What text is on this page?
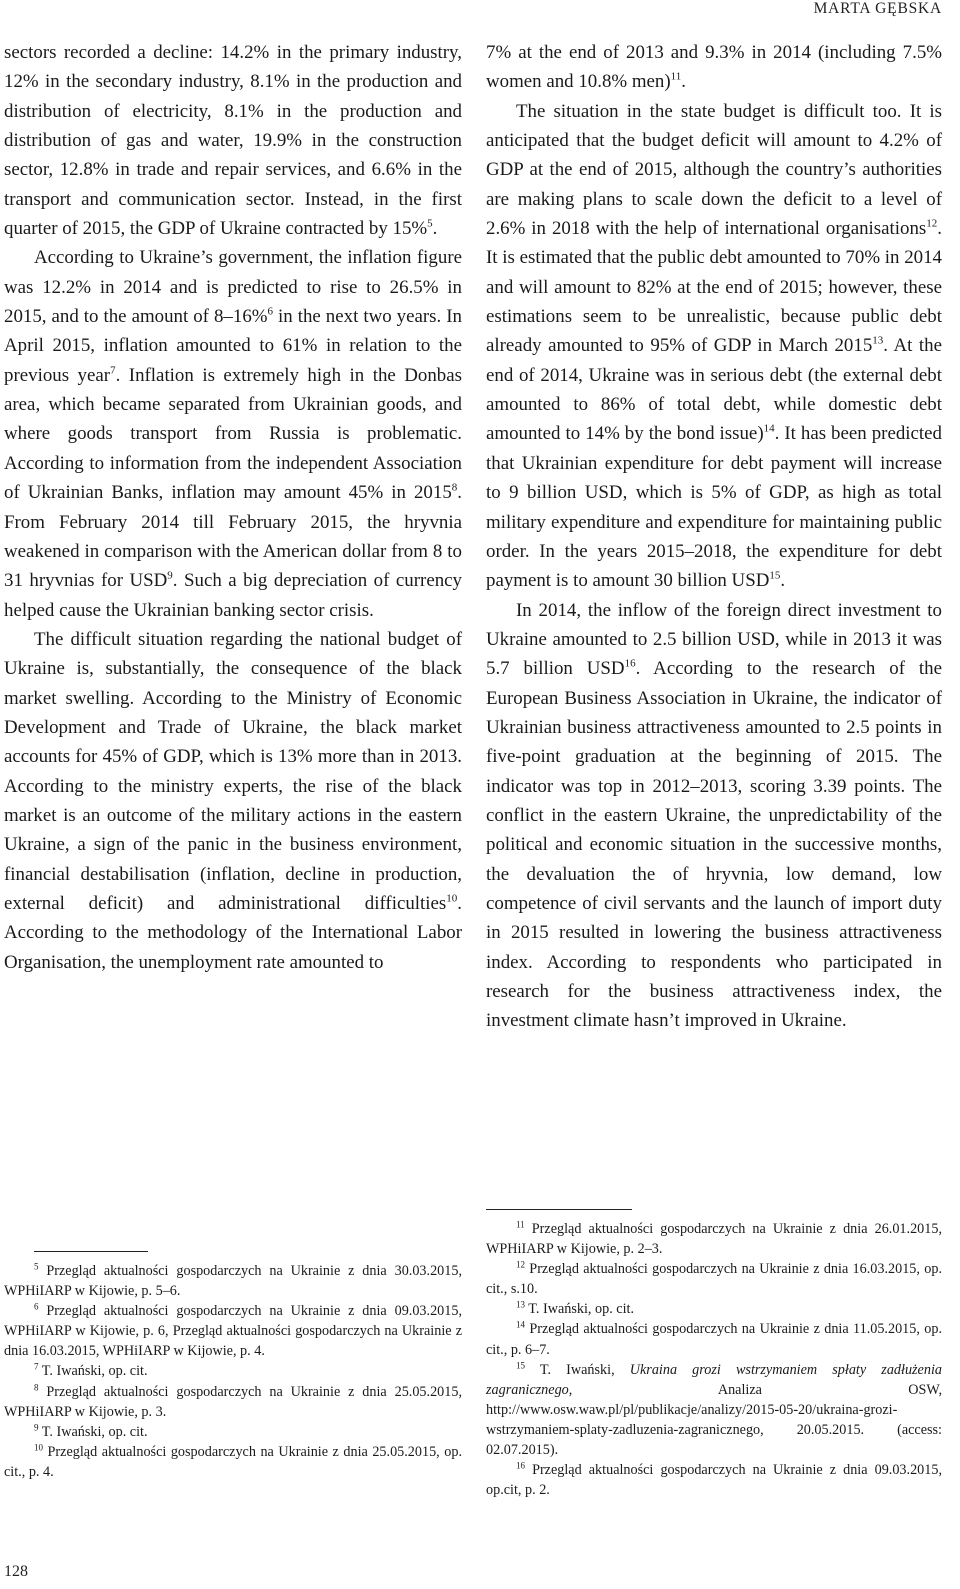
MARTA GĘBSKA

sectors recorded a decline: 14.2% in the primary industry, 12% in the secondary industry, 8.1% in the production and distribution of electricity, 8.1% in the production and distribution of gas and water, 19.9% in the construction sector, 12.8% in trade and repair services, and 6.6% in the transport and communication sector. Instead, in the first quarter of 2015, the GDP of Ukraine contracted by 15%$^5$.

According to Ukraine’s government, the inflation figure was 12.2% in 2014 and is predicted to rise to 26.5% in 2015, and to the amount of 8–16%$^6$ in the next two years. In April 2015, inflation amounted to 61% in relation to the previous year$^7$. Inflation is extremely high in the Donbas area, which became separated from Ukrainian goods, and where goods transport from Russia is problematic. According to information from the independent Association of Ukrainian Banks, inflation may amount 45% in 2015$^8$. From February 2014 till February 2015, the hryvnia weakened in comparison with the American dollar from 8 to 31 hryvnias for USD$^9$. Such a big depreciation of currency helped cause the Ukrainian banking sector crisis.

The difficult situation regarding the national budget of Ukraine is, substantially, the consequence of the black market swelling. According to the Ministry of Economic Development and Trade of Ukraine, the black market accounts for 45% of GDP, which is 13% more than in 2013. According to the ministry experts, the rise of the black market is an outcome of the military actions in the eastern Ukraine, a sign of the panic in the business environment, financial destabilisation (inflation, decline in production, external deficit) and administrational difficulties$^{10}$. According to the methodology of the International Labor Organisation, the unemployment rate amounted to

7% at the end of 2013 and 9.3% in 2014 (including 7.5% women and 10.8% men)$^{11}$.

The situation in the state budget is difficult too. It is anticipated that the budget deficit will amount to 4.2% of GDP at the end of 2015, although the country’s authorities are making plans to scale down the deficit to a level of 2.6% in 2018 with the help of international organisations$^{12}$. It is estimated that the public debt amounted to 70% in 2014 and will amount to 82% at the end of 2015; however, these estimations seem to be unrealistic, because public debt already amounted to 95% of GDP in March 2015$^{13}$. At the end of 2014, Ukraine was in serious debt (the external debt amounted to 86% of total debt, while domestic debt amounted to 14% by the bond issue)$^{14}$. It has been predicted that Ukrainian expenditure for debt payment will increase to 9 billion USD, which is 5% of GDP, as high as total military expenditure and expenditure for maintaining public order. In the years 2015–2018, the expenditure for debt payment is to amount 30 billion USD$^{15}$.

In 2014, the inflow of the foreign direct investment to Ukraine amounted to 2.5 billion USD, while in 2013 it was 5.7 billion USD$^{16}$. According to the research of the European Business Association in Ukraine, the indicator of Ukrainian business attractiveness amounted to 2.5 points in five-point graduation at the beginning of 2015. The indicator was top in 2012–2013, scoring 3.39 points. The conflict in the eastern Ukraine, the unpredictability of the political and economic situation in the successive months, the devaluation the of hryvnia, low demand, low competence of civil servants and the launch of import duty in 2015 resulted in lowering the business attractiveness index. According to respondents who participated in research for the business attractiveness index, the investment climate hasn’t improved in Ukraine.

$^5$ Przegląd aktualności gospodarczych na Ukrainie z dnia 30.03.2015, WPHiIARP w Kijowie, p. 5–6.

$^6$ Przegląd aktualności gospodarczych na Ukrainie z dnia 09.03.2015, WPHiIARP w Kijowie, p. 6, Przegląd aktualności gospodarczych na Ukrainie z dnia 16.03.2015, WPHiIARP w Kijowie, p. 4.

$^7$ T. Iwański, op. cit.

$^8$ Przegląd aktualności gospodarczych na Ukrainie z dnia 25.05.2015, WPHiIARP w Kijowie, p. 3.

$^9$ T. Iwański, op. cit.

$^{10}$ Przegląd aktualności gospodarczych na Ukrainie z dnia 25.05.2015, op. cit., p. 4.

$^{11}$ Przegląd aktualności gospodarczych na Ukrainie z dnia 26.01.2015, WPHiIARP w Kijowie, p. 2–3.

$^{12}$ Przegląd aktualności gospodarczych na Ukrainie z dnia 16.03.2015, op. cit., s.10.

$^{13}$ T. Iwański, op. cit.

$^{14}$ Przegląd aktualności gospodarczych na Ukrainie z dnia 11.05.2015, op. cit., p. 6–7.

$^{15}$ T. Iwański, Ukraina grozi wstrzymaniem spłaty zadłużenia zagranicznego, Analiza OSW, http://www.osw.waw.pl/pl/publikacje/analizy/2015-05-20/ukraina-grozi-wstrzymaniem-splaty-zadluzenia-zagranicznego, 20.05.2015. (access: 02.07.2015).

$^{16}$ Przegląd aktualności gospodarczych na Ukrainie z dnia 09.03.2015, op.cit, p. 2.

128
